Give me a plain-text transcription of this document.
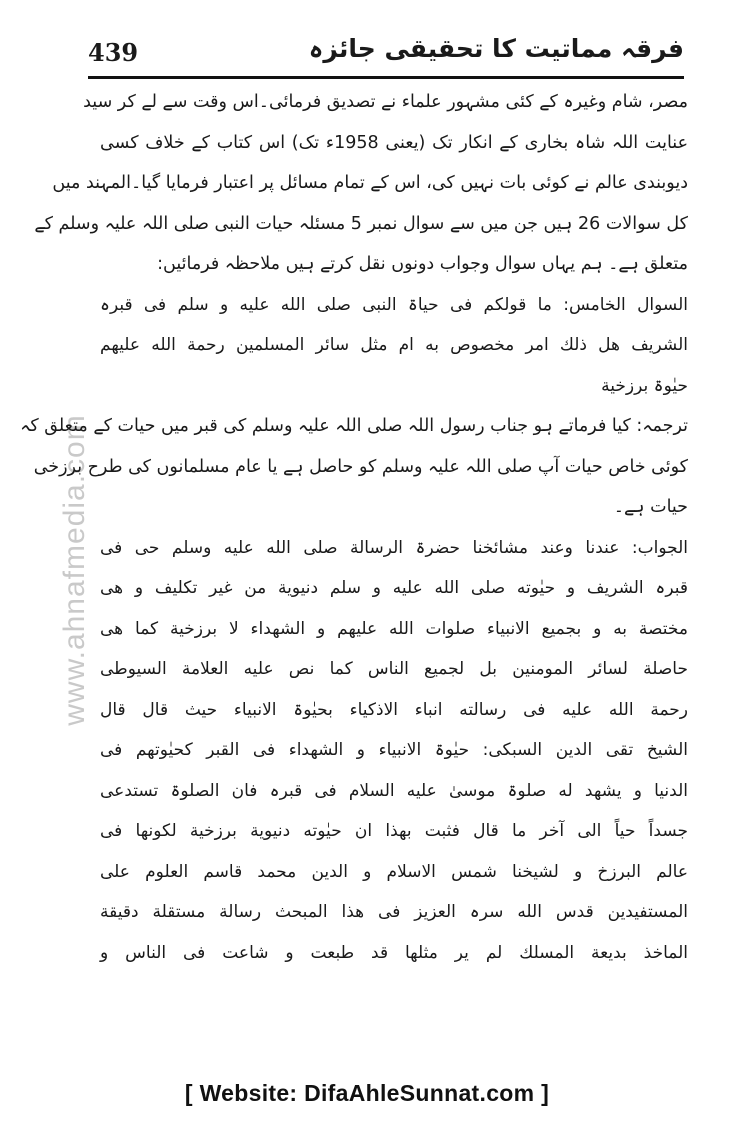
439	فرقہ مماتیت کا تحقیقی جائزہ
www.ahnafmedia.com
مصر، شام وغیرہ کے کئی مشہور علماء نے تصدیق فرمائی۔اس وقت سے لے کر سید
عنایت اللہ شاہ بخاری کے انکار تک (یعنی 1958ء تک) اس کتاب کے خلاف کسی
دیوبندی عالم نے کوئی بات نہیں کی، اس کے تمام مسائل پر اعتبار فرمایا گیا۔المہند میں
کل سوالات 26 ہیں جن میں سے سوال نمبر 5 مسئلہ حیات النبی صلی اللہ علیہ وسلم کے
متعلق ہے۔ ہم یہاں سوال وجواب دونوں نقل کرتے ہیں ملاحظہ فرمائیں:
السوال الخامس: ما قولكم فی حیاۃ النبی صلی الله علیه و سلم فی قبرہ
الشریف هل ذلك امر مخصوص به ام مثل سائر المسلمین رحمة الله علیهم
حیٰوۃ برزخیة
ترجمہ: کیا فرماتے ہو جناب رسول اللہ صلی اللہ علیہ وسلم کی قبر میں حیات کے متعلق کہ
کوئی خاص حیات آپ صلی اللہ علیہ وسلم کو حاصل ہے یا عام مسلمانوں کی طرح برزخی
حیات ہے۔
الجواب: عندنا وعند مشائخنا حضرۃ الرسالة صلی الله علیه وسلم حی فی
قبرہ الشریف و حیٰوته صلی الله علیه و سلم دنیویة من غیر تکلیف و هی
مختصة به و بجمیع الانبیاء صلوات الله علیهم و الشهداء لا برزخیة کما هی
حاصلة لسائر المومنین بل لجمیع الناس کما نص علیه العلامة السیوطی
رحمة الله علیه فی رسالته انباء الاذکیاء بحیٰوۃ الانبیاء حیث قال قال
الشیخ تقی الدین السبکی: حیٰوۃ الانبیاء و الشهداء فی القبر کحیٰوتهم فی
الدنیا و یشهد له صلوۃ موسیٰ علیه السلام فی قبرہ فان الصلوۃ تستدعی
جسداً حیاً الی آخر ما قال فثبت بهذا ان حیٰوته دنیویة برزخیة لکونها فی
عالم البرزخ و لشیخنا شمس الاسلام و الدین محمد قاسم العلوم علی
المستفیدین قدس الله سرہ العزیز فی هذا المبحث رسالة مستقلة دقیقة
الماخذ بدیعة المسلك لم یر مثلها قد طبعت و شاعت فی الناس و
[ Website: DifaAhleSunnat.com ]
